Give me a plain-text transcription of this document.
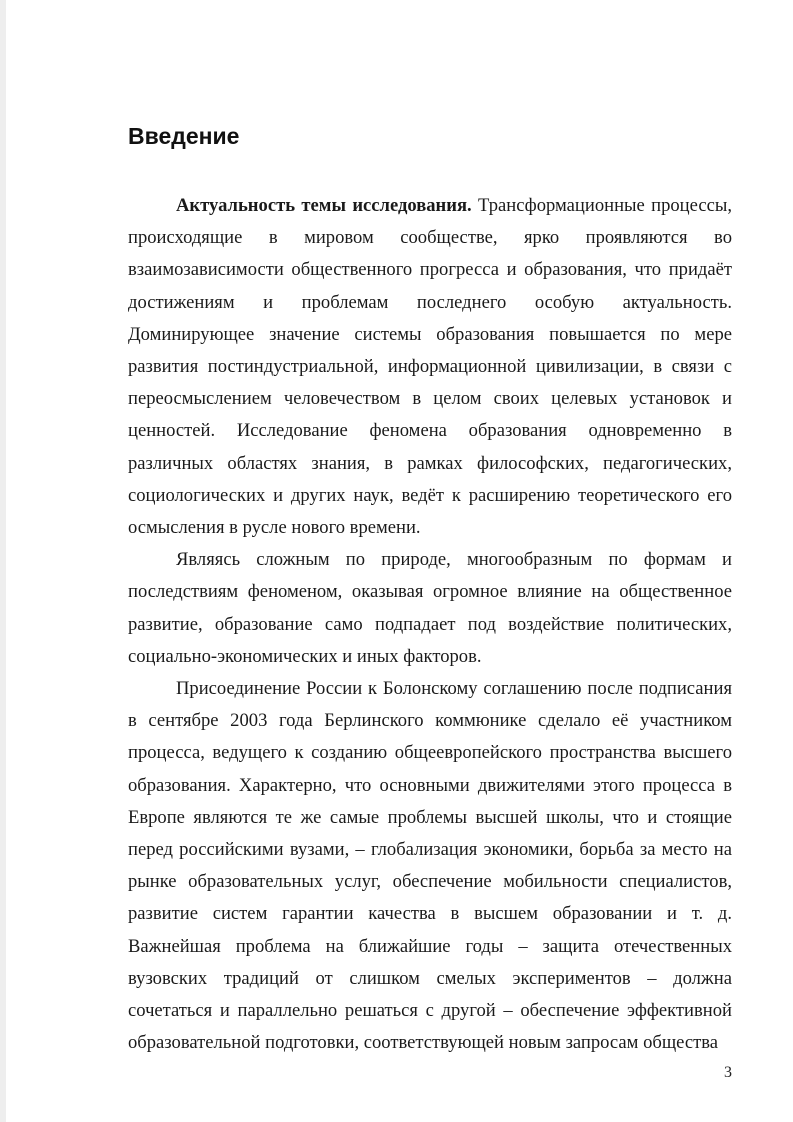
Введение

Актуальность темы исследования. Трансформационные процессы, происходящие в мировом сообществе, ярко проявляются во взаимозависимости общественного прогресса и образования, что придаёт достижениям и проблемам последнего особую актуальность. Доминирующее значение системы образования повышается по мере развития постиндустриальной, информационной цивилизации, в связи с переосмыслением человечеством в целом своих целевых установок и ценностей. Исследование феномена образования одновременно в различных областях знания, в рамках философских, педагогических, социологических и других наук, ведёт к расширению теоретического его осмысления в русле нового времени.

Являясь сложным по природе, многообразным по формам и последствиям феноменом, оказывая огромное влияние на общественное развитие, образование само подпадает под воздействие политических, социально-экономических и иных факторов.

Присоединение России к Болонскому соглашению после подписания в сентябре 2003 года Берлинского коммюнике сделало её участником процесса, ведущего к созданию общеевропейского пространства высшего образования. Характерно, что основными движителями этого процесса в Европе являются те же самые проблемы высшей школы, что и стоящие перед российскими вузами, – глобализация экономики, борьба за место на рынке образовательных услуг, обеспечение мобильности специалистов, развитие систем гарантии качества в высшем образовании и т. д. Важнейшая проблема на ближайшие годы – защита отечественных вузовских традиций от слишком смелых экспериментов – должна сочетаться и параллельно решаться с другой – обеспечение эффективной образовательной подготовки, соответствующей новым запросам общества

3
